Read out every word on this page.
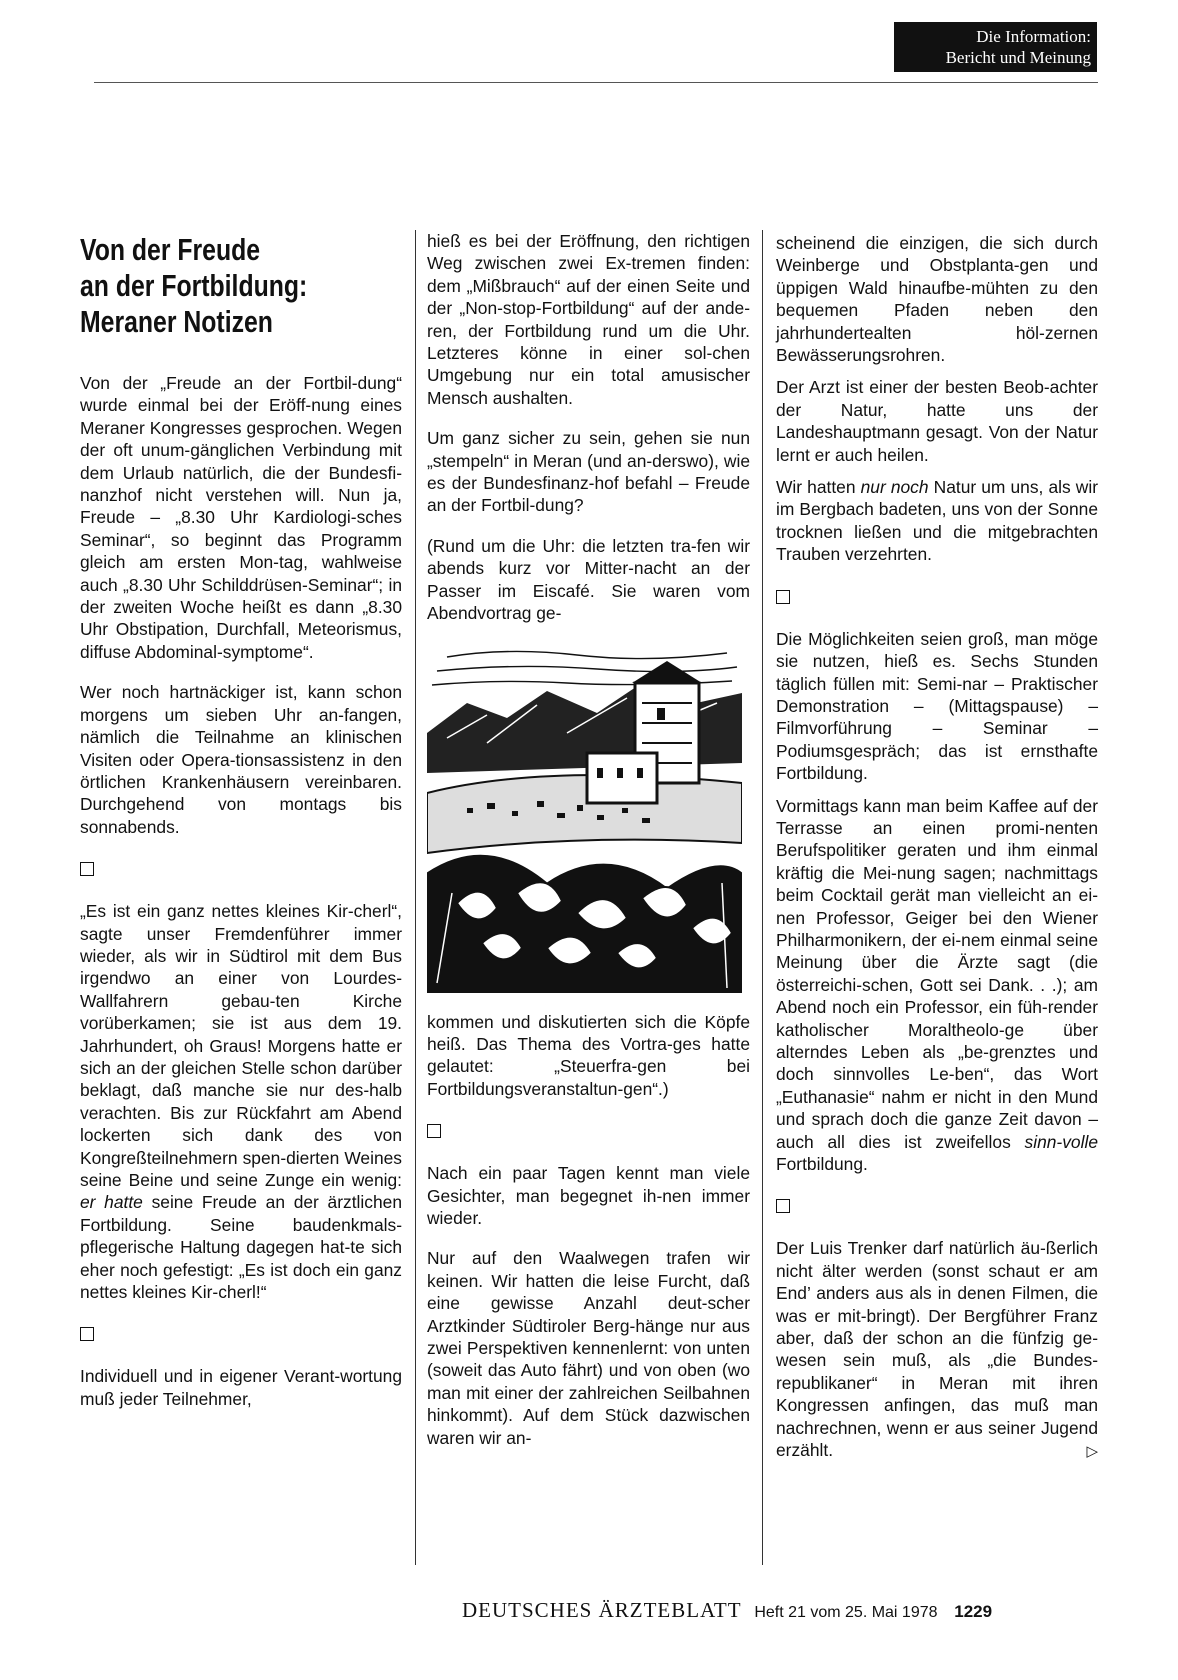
Die Information:
Bericht und Meinung
Von der Freude
an der Fortbildung:
Meraner Notizen

Von der „Freude an der Fortbil-dung“ wurde einmal bei der Eröff-nung eines Meraner Kongresses gesprochen. Wegen der oft unum-gänglichen Verbindung mit dem Urlaub natürlich, die der Bundesfi-nanzhof nicht verstehen will. Nun ja, Freude – „8.30 Uhr Kardiologi-sches Seminar“, so beginnt das Programm gleich am ersten Mon-tag, wahlweise auch „8.30 Uhr Schilddrüsen-Seminar“; in der zweiten Woche heißt es dann „8.30 Uhr Obstipation, Durchfall, Meteorismus, diffuse Abdominal-symptome“.

Wer noch hartnäckiger ist, kann schon morgens um sieben Uhr an-fangen, nämlich die Teilnahme an klinischen Visiten oder Opera-tionsassistenz in den örtlichen Krankenhäusern vereinbaren. Durchgehend von montags bis sonnabends.

„Es ist ein ganz nettes kleines Kir-cherl“, sagte unser Fremdenführer immer wieder, als wir in Südtirol mit dem Bus irgendwo an einer von Lourdes-Wallfahrern gebau-ten Kirche vorüberkamen; sie ist aus dem 19. Jahrhundert, oh Graus! Morgens hatte er sich an der gleichen Stelle schon darüber beklagt, daß manche sie nur des-halb verachten. Bis zur Rückfahrt am Abend lockerten sich dank des von Kongreßteilnehmern spen-dierten Weines seine Beine und seine Zunge ein wenig: er hatte seine Freude an der ärztlichen Fortbildung. Seine baudenkmals-pflegerische Haltung dagegen hat-te sich eher noch gefestigt: „Es ist doch ein ganz nettes kleines Kir-cherl!“

Individuell und in eigener Verant-wortung muß jeder Teilnehmer,

hieß es bei der Eröffnung, den richtigen Weg zwischen zwei Ex-tremen finden: dem „Mißbrauch“ auf der einen Seite und der „Non-stop-Fortbildung“ auf der ande-ren, der Fortbildung rund um die Uhr. Letzteres könne in einer sol-chen Umgebung nur ein total amusischer Mensch aushalten.

Um ganz sicher zu sein, gehen sie nun „stempeln“ in Meran (und an-derswo), wie es der Bundesfinanz-hof befahl – Freude an der Fortbil-dung?

(Rund um die Uhr: die letzten tra-fen wir abends kurz vor Mitter-nacht an der Passer im Eiscafé. Sie waren vom Abendvortrag ge-

kommen und diskutierten sich die Köpfe heiß. Das Thema des Vortra-ges hatte gelautet: „Steuerfra-gen bei Fortbildungsveranstaltun-gen“.)

Nach ein paar Tagen kennt man viele Gesichter, man begegnet ih-nen immer wieder.

Nur auf den Waalwegen trafen wir keinen. Wir hatten die leise Furcht, daß eine gewisse Anzahl deut-scher Arztkinder Südtiroler Berg-hänge nur aus zwei Perspektiven kennenlernt: von unten (soweit das Auto fährt) und von oben (wo man mit einer der zahlreichen Seilbahnen hinkommt). Auf dem Stück dazwischen waren wir an-

scheinend die einzigen, die sich durch Weinberge und Obstplanta-gen und üppigen Wald hinaufbe-mühten zu den bequemen Pfaden neben den jahrhundertealten höl-zernen Bewässerungsrohren.

Der Arzt ist einer der besten Beob-achter der Natur, hatte uns der Landeshauptmann gesagt. Von der Natur lernt er auch heilen.

Wir hatten nur noch Natur um uns, als wir im Bergbach badeten, uns von der Sonne trocknen ließen und die mitgebrachten Trauben verzehrten.

Die Möglichkeiten seien groß, man möge sie nutzen, hieß es. Sechs Stunden täglich füllen mit: Semi-nar – Praktischer Demonstration – (Mittagspause) – Filmvorführung – Seminar – Podiumsgespräch; das ist ernsthafte Fortbildung.

Vormittags kann man beim Kaffee auf der Terrasse an einen promi-nenten Berufspolitiker geraten und ihm einmal kräftig die Mei-nung sagen; nachmittags beim Cocktail gerät man vielleicht an ei-nen Professor, Geiger bei den Wiener Philharmonikern, der ei-nem einmal seine Meinung über die Ärzte sagt (die österreichi-schen, Gott sei Dank. . .); am Abend noch ein Professor, ein füh-render katholischer Moraltheolo-ge über alterndes Leben als „be-grenztes und doch sinnvolles Le-ben“, das Wort „Euthanasie“ nahm er nicht in den Mund und sprach doch die ganze Zeit davon – auch all dies ist zweifellos sinn-volle Fortbildung.

Der Luis Trenker darf natürlich äu-ßerlich nicht älter werden (sonst schaut er am End’ anders aus als in denen Filmen, die was er mit-bringt). Der Bergführer Franz aber, daß der schon an die fünfzig ge-wesen sein muß, als „die Bundes-republikaner“ in Meran mit ihren Kongressen anfingen, das muß man nachrechnen, wenn er aus seiner Jugend erzählt.	▷

DEUTSCHES ÄRZTEBLATT Heft 21 vom 25. Mai 1978 1229
